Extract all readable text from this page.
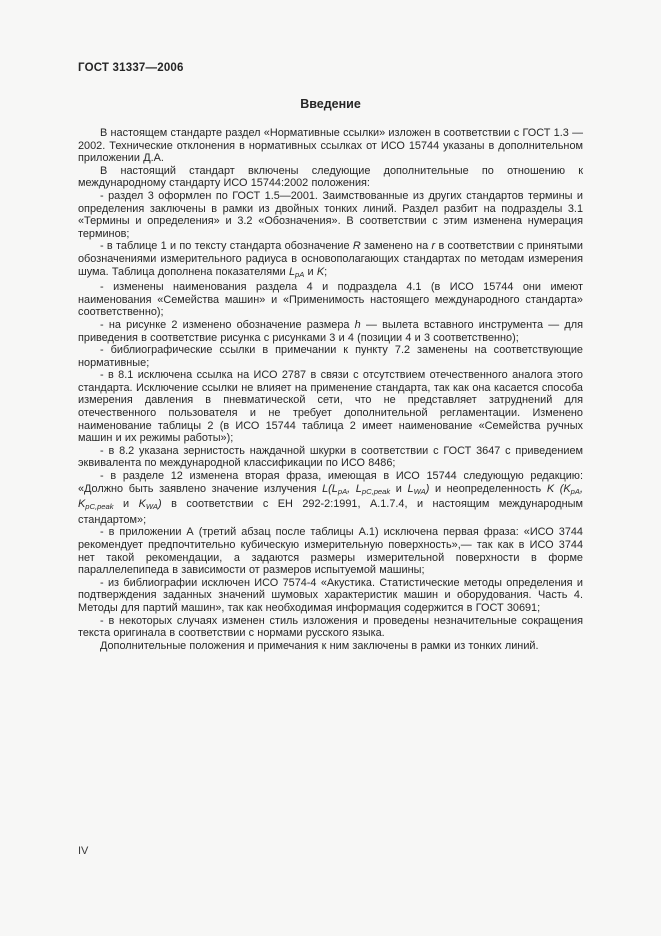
ГОСТ 31337—2006
Введение

В настоящем стандарте раздел «Нормативные ссылки» изложен в соответствии с ГОСТ 1.3 — 2002. Технические отклонения в нормативных ссылках от ИСО 15744 указаны в дополнительном приложении Д.А.

В настоящий стандарт включены следующие дополнительные по отношению к международному стандарту ИСО 15744:2002 положения:

- раздел 3 оформлен по ГОСТ 1.5—2001. Заимствованные из других стандартов термины и определения заключены в рамки из двойных тонких линий. Раздел разбит на подразделы 3.1 «Термины и определения» и 3.2 «Обозначения». В соответствии с этим изменена нумерация терминов;

- в таблице 1 и по тексту стандарта обозначение R заменено на r в соответствии с принятыми обозначениями измерительного радиуса в основополагающих стандартах по методам измерения шума. Таблица дополнена показателями LpA и K;

- изменены наименования раздела 4 и подраздела 4.1 (в ИСО 15744 они имеют наименования «Семейства машин» и «Применимость настоящего международного стандарта» соответственно);

- на рисунке 2 изменено обозначение размера h — вылета вставного инструмента — для приведения в соответствие рисунка с рисунками 3 и 4 (позиции 4 и 3 соответственно);

- библиографические ссылки в примечании к пункту 7.2 заменены на соответствующие нормативные;

- в 8.1 исключена ссылка на ИСО 2787 в связи с отсутствием отечественного аналога этого стандарта. Исключение ссылки не влияет на применение стандарта, так как она касается способа измерения давления в пневматической сети, что не представляет затруднений для отечественного пользователя и не требует дополнительной регламентации. Изменено наименование таблицы 2 (в ИСО 15744 таблица 2 имеет наименование «Семейства ручных машин и их режимы работы»);

- в 8.2 указана зернистость наждачной шкурки в соответствии с ГОСТ 3647 с приведением эквивалента по международной классификации по ИСО 8486;

- в разделе 12 изменена вторая фраза, имеющая в ИСО 15744 следующую редакцию: «Должно быть заявлено значение излучения L(LpA, LpC,peak и LWA) и неопределенность K (KpA, KpC,peak и KWA) в соответствии с ЕН 292-2:1991, А.1.7.4, и настоящим международным стандартом»;

- в приложении А (третий абзац после таблицы А.1) исключена первая фраза: «ИСО 3744 рекомендует предпочтительно кубическую измерительную поверхность»,— так как в ИСО 3744 нет такой рекомендации, а задаются размеры измерительной поверхности в форме параллелепипеда в зависимости от размеров испытуемой машины;

- из библиографии исключен ИСО 7574-4 «Акустика. Статистические методы определения и подтверждения заданных значений шумовых характеристик машин и оборудования. Часть 4. Методы для партий машин», так как необходимая информация содержится в ГОСТ 30691;

- в некоторых случаях изменен стиль изложения и проведены незначительные сокращения текста оригинала в соответствии с нормами русского языка.

Дополнительные положения и примечания к ним заключены в рамки из тонких линий.

IV
